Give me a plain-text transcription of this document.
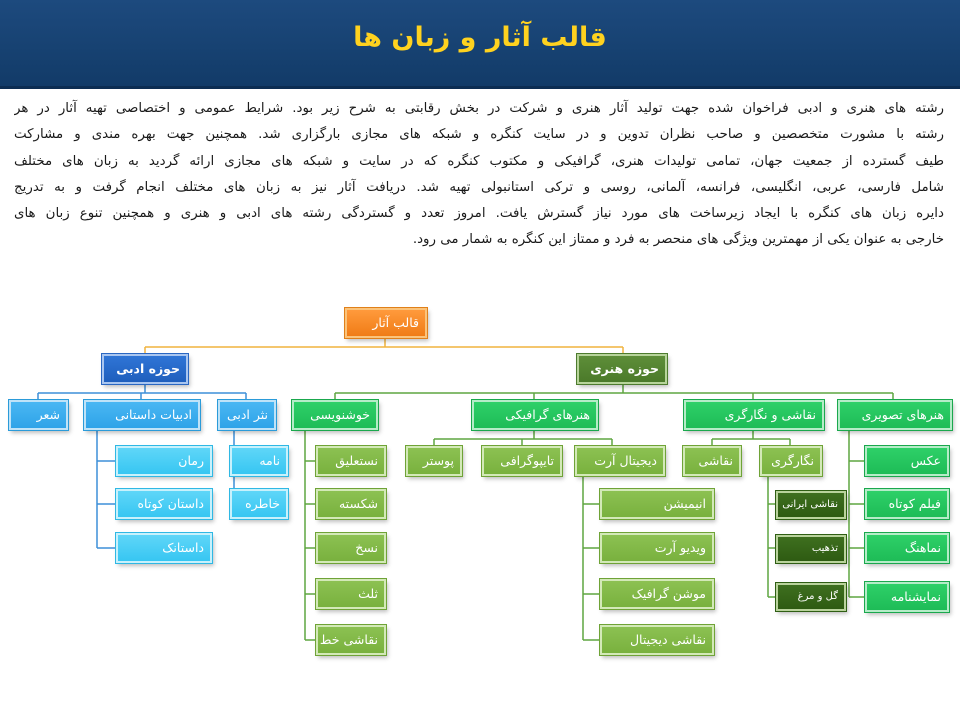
قالب آثار و زبان ها
رشته های هنری و ادبی فراخوان شده جهت تولید آثار هنری و شرکت در بخش رقابتی به شرح زیر بود. شرایط عمومی و اختصاصی تهیه آثار در هر
رشته با مشورت متخصصین و صاحب نظران تدوین و در سایت کنگره و شبکه های مجازی بارگزاری شد. همچنین جهت بهره مندی و مشارکت
طیف گسترده از جمعیت جهان، تمامی تولیدات هنری، گرافیکی و مکتوب کنگره که در سایت و شبکه های مجازی ارائه گردید به زبان های مختلف
شامل فارسی، عربی، انگلیسی، فرانسه، آلمانی، روسی و ترکی استانبولی تهیه شد. دریافت آثار نیز به زبان های مختلف انجام گرفت و به تدریج
دایره زبان های کنگره با ایجاد زیرساخت های مورد نیاز گسترش یافت. امروز تعدد و گستردگی رشته های ادبی و هنری و همچنین تنوع زبان های
خارجی به عنوان یکی از مهمترین ویژگی های منحصر به فرد و ممتاز این کنگره به شمار می رود.
قالب آثار
حوزه ادبی
شعر	ادبیات داستانی	نثر ادبی
رمان
داستان کوتاه
داستانک
نامه
خاطره
حوزه هنری
خوشنویسی	هنرهای گرافیکی	نقاشی و نگارگری	هنرهای تصویری
نستعلیق
شکسته
نسخ
ثلث
نقاشی خط
پوستر	تایپوگرافی	دیجیتال آرت
انیمیشن
ویدیو آرت
موشن گرافیک
نقاشی دیجیتال
نقاشی	نگارگری
نقاشی ایرانی
تذهیب
گل و مرغ
عکس
فیلم کوتاه
نماهنگ
نمایشنامه
